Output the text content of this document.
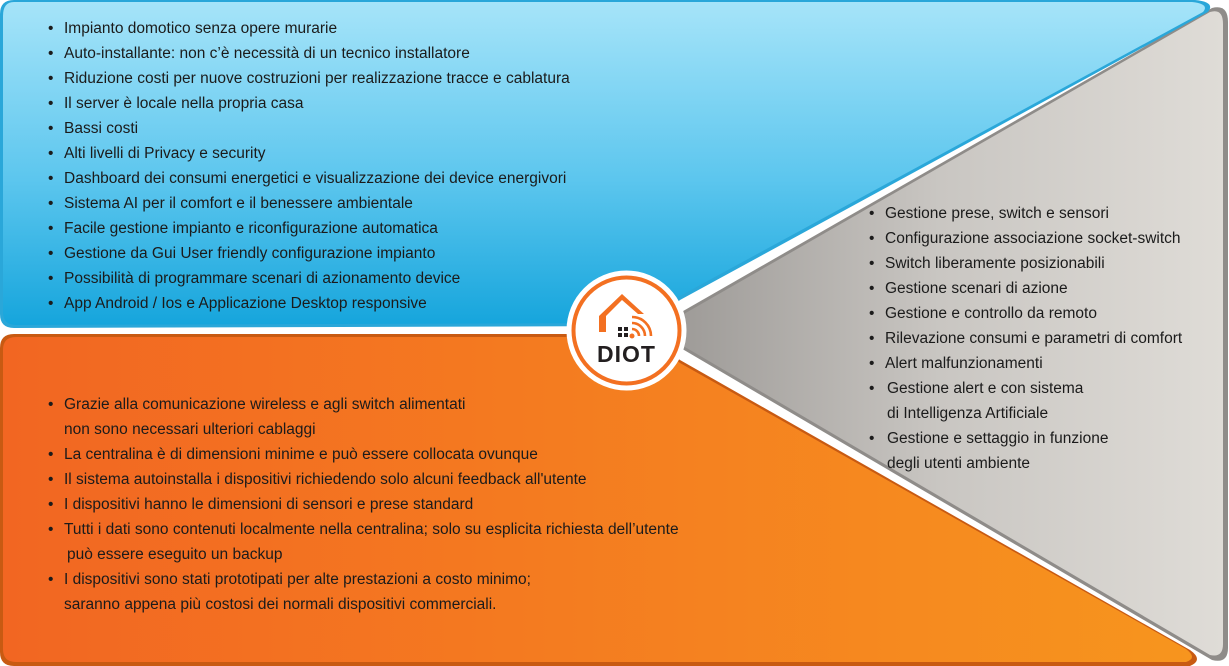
• Impianto domotico senza opere murarie
• Auto-installante: non c’è necessità di un tecnico installatore
• Riduzione costi per nuove costruzioni per realizzazione tracce e cablatura
• Il server è locale nella propria casa
• Bassi costi
• Alti livelli di Privacy e security
• Dashboard dei consumi energetici e visualizzazione dei device energivori
• Sistema AI per il comfort e il benessere ambientale
• Facile gestione impianto e riconfigurazione automatica
• Gestione da Gui User friendly configurazione impianto
• Possibilità di programmare scenari di azionamento device
• App Android / Ios e Applicazione Desktop responsive
• Gestione prese, switch e sensori
• Configurazione associazione socket-switch
• Switch liberamente posizionabili
• Gestione scenari di azione
• Gestione e controllo da remoto
• Rilevazione consumi e parametri di comfort
• Alert malfunzionamenti
• Gestione alert e con sistema
di Intelligenza Artificiale
• Gestione e settaggio in funzione
degli utenti ambiente
• Grazie alla comunicazione wireless e agli switch alimentati
non sono necessari ulteriori cablaggi
• La centralina è di dimensioni minime e può essere collocata ovunque
• Il sistema autoinstalla i dispositivi richiedendo solo alcuni feedback all'utente
• I dispositivi hanno le dimensioni di sensori e prese standard
• Tutti i dati sono contenuti localmente nella centralina; solo su esplicita richiesta dell’utente
può essere eseguito un backup
• I dispositivi sono stati prototipati per alte prestazioni a costo minimo;
saranno appena più costosi dei normali dispositivi commerciali.
DIOT
